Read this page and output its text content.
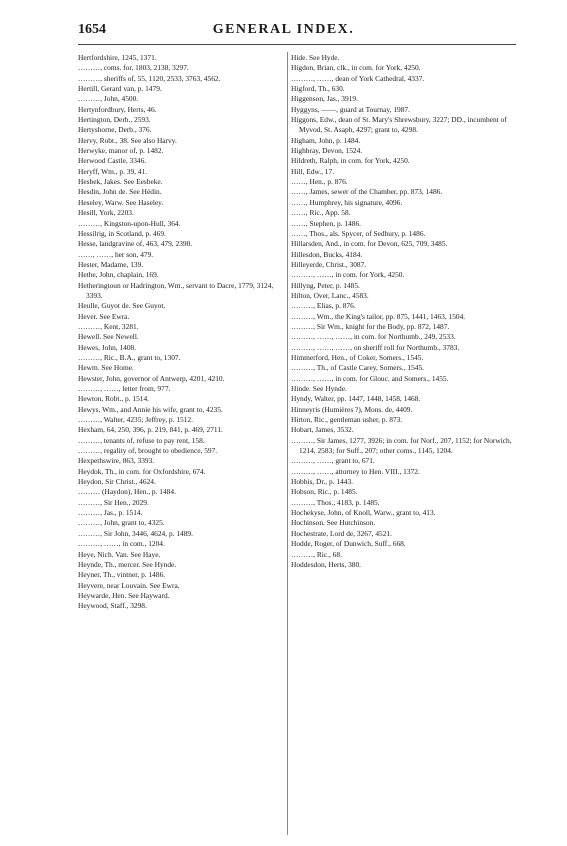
1654	GENERAL INDEX.
Hertfordshire, 1245, 1371.
………, coms. for, 1803, 2138, 3297.
………, sheriffs of, 55, 1120, 2533, 3763, 4562.
Hertill, Gerard van, p. 1479.
………, John, 4500.
Hertynfordbury, Herts, 46.
Hertington, Derb., 2593.
Hertyshorne, Derb., 376.
Hervy, Robt., 38. See also Harvy.
Herwyke, manor of, p. 1482.
Herwood Castle, 3346.
Heryff, Wm., p. 39, 41.
Hesbek, Jakes. See Eesbeke.
Hesdin, John de. See Hédin.
Heseley, Warw. See Haseley.
Hesill, York, 2203.
………, Kingston-upon-Hull, 364.
Hessilrig, in Scotland, p. 469.
Hesse, landgravine of, 463, 479, 2390.
……, ……, her son, 479.
Hester, Madame, 139.
Hethe, John, chaplain, 169.
Hetheringtoun or Hadrington, Wm., servant to Dacre, 1779, 3124, 3393.
Heulle, Guyot de. See Guyot.
Hever. See Ewra.
………, Kent, 3281.
Hewell. See Newell.
Hewes, John, 1408.
………, Ric., B.A., grant to, 1307.
Hewm. See Home.
Hewster, John, governor of Antwerp, 4201, 4210.
………, ……, letter from, 977.
Hewton, Robt., p. 1514.
Hewys, Wm., and Annie his wife, grant to, 4235.
………, Walter, 4235; Jeffrey, p. 1512.
Hexham, 64, 250, 396, p. 219, 841, p. 469, 2711.
………, tenants of, refuse to pay rent, 158.
………, regality of, brought to obedience, 597.
Hexpethswire, 863, 3393.
Heydok, Th., in com. for Oxfordshire, 674.
Heydon, Sir Christ., 4624.
……… (Haydon), Hen., p. 1484.
………, Sir Hen., 2029.
………, Jas., p. 1514.
………, John, grant to, 4325.
………, Sir John, 3446, 4624, p. 1489.
………, ……, in com., 1204.
Heye, Nich. Van. See Haye.
Heynde, Th., mercer. See Hynde.
Heyner, Th., vintner, p. 1486.
Heyvere, near Louvain. See Ewra.
Heywarde, Hen. See Hayward.
Heywood, Staff., 3298.
Hide. See Hyde.
Higdon, Brian, clk., in com. for York, 4250.
………, ……, dean of York Cathedral, 4337.
Higford, Th., 630.
Higgenson, Jas., 3919.
Hyggyns, ——, guard at Tournay, 1987.
Higgons, Edw., dean of St. Mary's Shrewsbury, 3227; DD., incumbent of Myvod, St. Asaph, 4297; grant to, 4298.
Higham, John, p. 1484.
Highbray, Devon, 1524.
Hildreth, Ralph, in com. for York, 4250.
Hill, Edw., 17.
……, Hen., p. 876.
……, James, sewer of the Chamber, pp. 873, 1486.
……, Humphrey, his signature, 4096.
……, Ric., App. 58.
……, Stephen, p. 1486.
……, Thos., als. Spycer, of Sedbury, p. 1486.
Hillarsden, And., in com. for Devon, 625, 709, 3485.
Hillesdon, Bucks, 4184.
Hilleyerde, Christ., 3087.
………, ……, in com. for York, 4250.
Hillyng, Peter, p. 1485.
Hilton, Over, Lanc., 4583.
………, Elias, p. 876.
………, Wm., the King's tailor, pp. 875, 1441, 1463, 1504.
………, Sir Wm., knight for the Body, pp. 872, 1487.
………, ……, ……, in com. for Northumb., 249, 2533.
………, ……, ……, on sheriff roll for Northumb., 3783.
Himmerford, Hen., of Coker, Somers., 1545.
………, Th., of Castle Carey, Somers., 1545.
………, ……, in com. for Glouc. and Somers., 1455.
Hinde. See Hynde.
Hyndy, Walter, pp. 1447, 1448, 1458, 1468.
Hinneyris (Humières ?), Mons. de, 4409.
Hirton, Ric., gentleman usher, p. 873.
Hobart, James, 3532.
………, Sir James, 1277, 3926; in com. for Norf., 207, 1152; for Norwich, 1214, 2583; for Suff., 207; other coms., 1145, 1204.
………, ……, grant to, 671.
………, ……, attorney to Hen. VIII., 1372.
Hobbis, Dr., p. 1443.
Hobson, Ric., p. 1485.
………, Thos., 4183, p. 1485.
Hochekyse, John, of Knoll, Warw., grant to, 413.
Hochinson. See Hutchinson.
Hochestrate, Lord de, 3267, 4521.
Hodde, Roger, of Dunwich, Suff., 668.
………, Ric., 68.
Hoddesdon, Herts, 380.
